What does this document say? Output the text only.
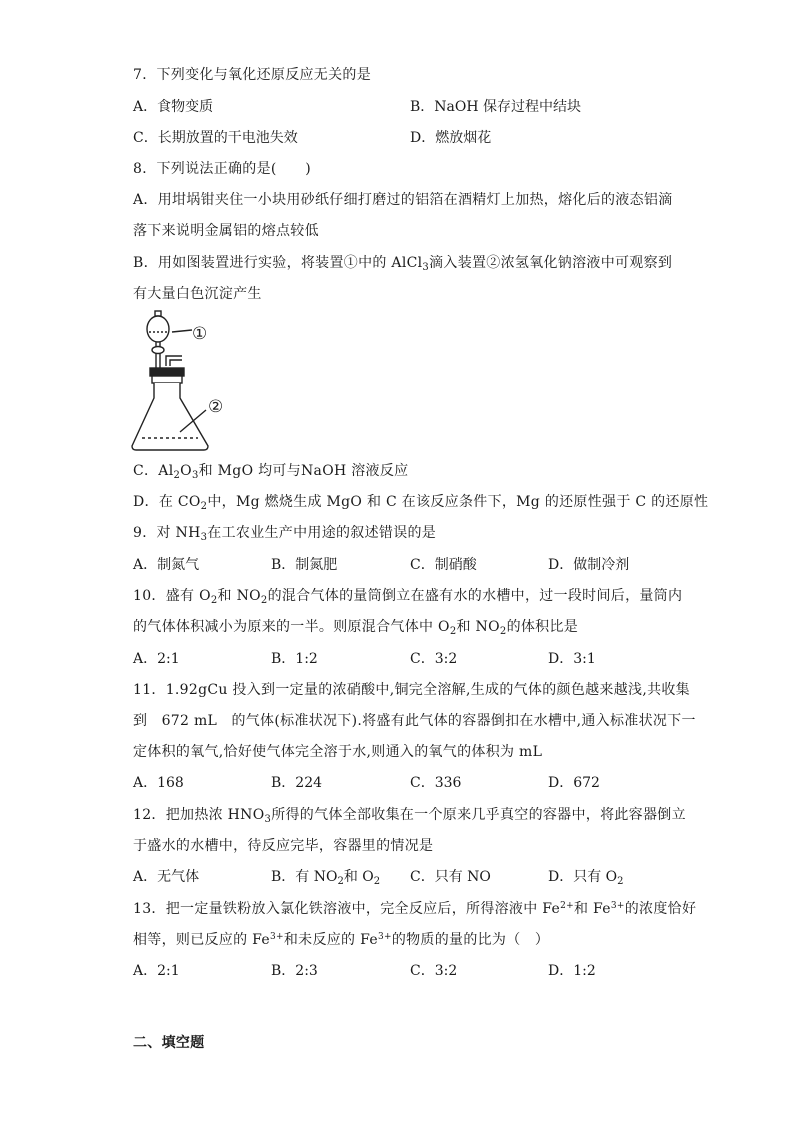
7．下列变化与氧化还原反应无关的是
A．食物变质	B．NaOH 保存过程中结块
C．长期放置的干电池失效	D．燃放烟花
8．下列说法正确的是(　　)
A．用坩埚钳夹住一小块用砂纸仔细打磨过的铝箔在酒精灯上加热，熔化后的液态铝滴
落下来说明金属铝的熔点较低
B．用如图装置进行实验，将装置①中的 AlCl$_3$滴入装置②浓氢氧化钠溶液中可观察到
有大量白色沉淀产生
①
②
C．$Al_2O_3$和 MgO 均可与NaOH 溶液反应
D．在 $CO_2$中，Mg 燃烧生成 MgO 和 C 在该反应条件下，Mg 的还原性强于 C 的还原性
9．对 $NH_3$在工农业生产中用途的叙述错误的是
A．制氮气	B．制氮肥	C．制硝酸	D．做制冷剂
10．盛有 $O_2$和 $NO_2$的混合气体的量筒倒立在盛有水的水槽中，过一段时间后，量筒内
的气体体积减小为原来的一半。则原混合气体中 $O_2$和 $NO_2$的体积比是
A．2:1	B．1:2	C．3:2	D．3:1
11．1.92gCu 投入到一定量的浓硝酸中,铜完全溶解,生成的气体的颜色越来越浅,共收集
到　672 mL　的气体(标准状况下).将盛有此气体的容器倒扣在水槽中,通入标准状况下一
定体积的氧气,恰好使气体完全溶于水,则通入的氧气的体积为 mL
A．168	B．224	C．336	D．672
12．把加热浓 $HNO_3$所得的气体全部收集在一个原来几乎真空的容器中，将此容器倒立
于盛水的水槽中，待反应完毕，容器里的情况是
A．无气体	B．有 $NO_2$和 $O_2$ C．只有 NO	D．只有 $O_2$
13．把一定量铁粉放入氯化铁溶液中，完全反应后，所得溶液中 $Fe^{2+}$和 $Fe^{3+}$的浓度恰好
相等，则已反应的 $Fe^{3+}$和未反应的 $Fe^{3+}$的物质的量的比为（　）
A．2:1	B．2:3	C．3:2	D．1:2
二、填空题
